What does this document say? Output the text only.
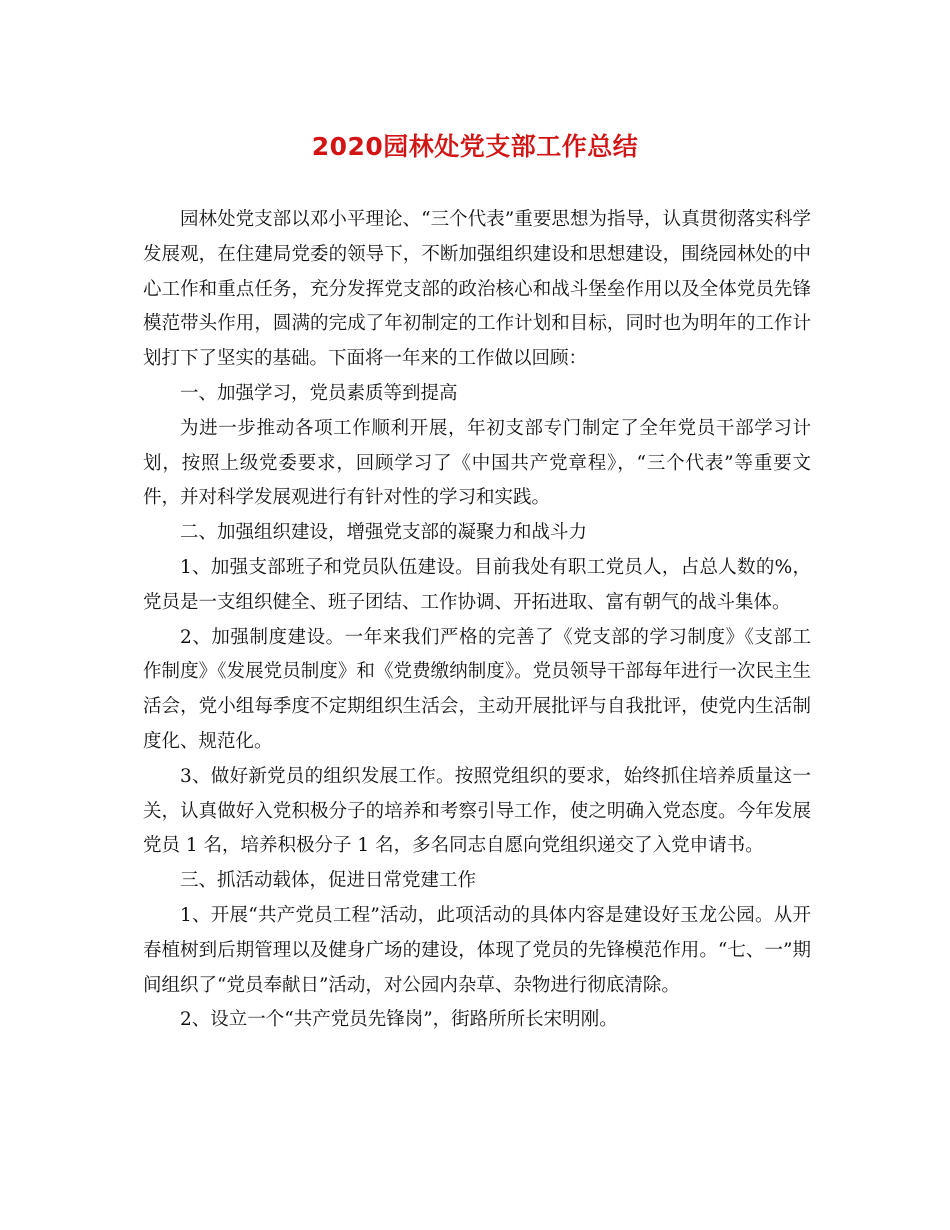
2020园林处党支部工作总结

园林处党支部以邓小平理论、“三个代表”重要思想为指导，认真贯彻落实科学发展观，在住建局党委的领导下，不断加强组织建设和思想建设，围绕园林处的中心工作和重点任务，充分发挥党支部的政治核心和战斗堡垒作用以及全体党员先锋模范带头作用，圆满的完成了年初制定的工作计划和目标，同时也为明年的工作计划打下了坚实的基础。下面将一年来的工作做以回顾：

一、加强学习，党员素质等到提高

为进一步推动各项工作顺利开展，年初支部专门制定了全年党员干部学习计划，按照上级党委要求，回顾学习了《中国共产党章程》，“三个代表”等重要文件，并对科学发展观进行有针对性的学习和实践。

二、加强组织建设，增强党支部的凝聚力和战斗力

1、加强支部班子和党员队伍建设。目前我处有职工党员人，占总人数的%，党员是一支组织健全、班子团结、工作协调、开拓进取、富有朝气的战斗集体。

2、加强制度建设。一年来我们严格的完善了《党支部的学习制度》《支部工作制度》《发展党员制度》和《党费缴纳制度》。党员领导干部每年进行一次民主生活会，党小组每季度不定期组织生活会，主动开展批评与自我批评，使党内生活制度化、规范化。

3、做好新党员的组织发展工作。按照党组织的要求，始终抓住培养质量这一关，认真做好入党积极分子的培养和考察引导工作，使之明确入党态度。今年发展党员 1 名，培养积极分子 1 名，多名同志自愿向党组织递交了入党申请书。

三、抓活动载体，促进日常党建工作

1、开展“共产党员工程”活动，此项活动的具体内容是建设好玉龙公园。从开春植树到后期管理以及健身广场的建设，体现了党员的先锋模范作用。“七、一”期间组织了“党员奉献日”活动，对公园内杂草、杂物进行彻底清除。

2、设立一个“共产党员先锋岗”，街路所所长宋明刚。
